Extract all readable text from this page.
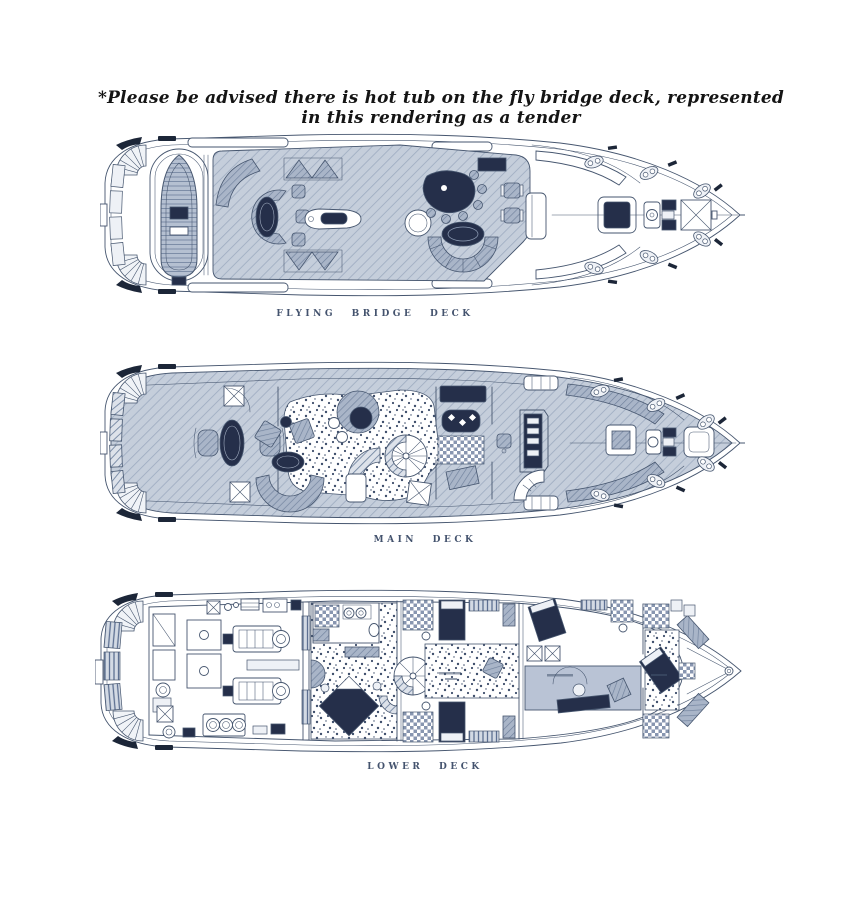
*Please be advised there is hot tub on the fly bridge deck, represented in this rendering as a tender
FLYING BRIDGE DECK
MAIN DECK
LOWER DECK
